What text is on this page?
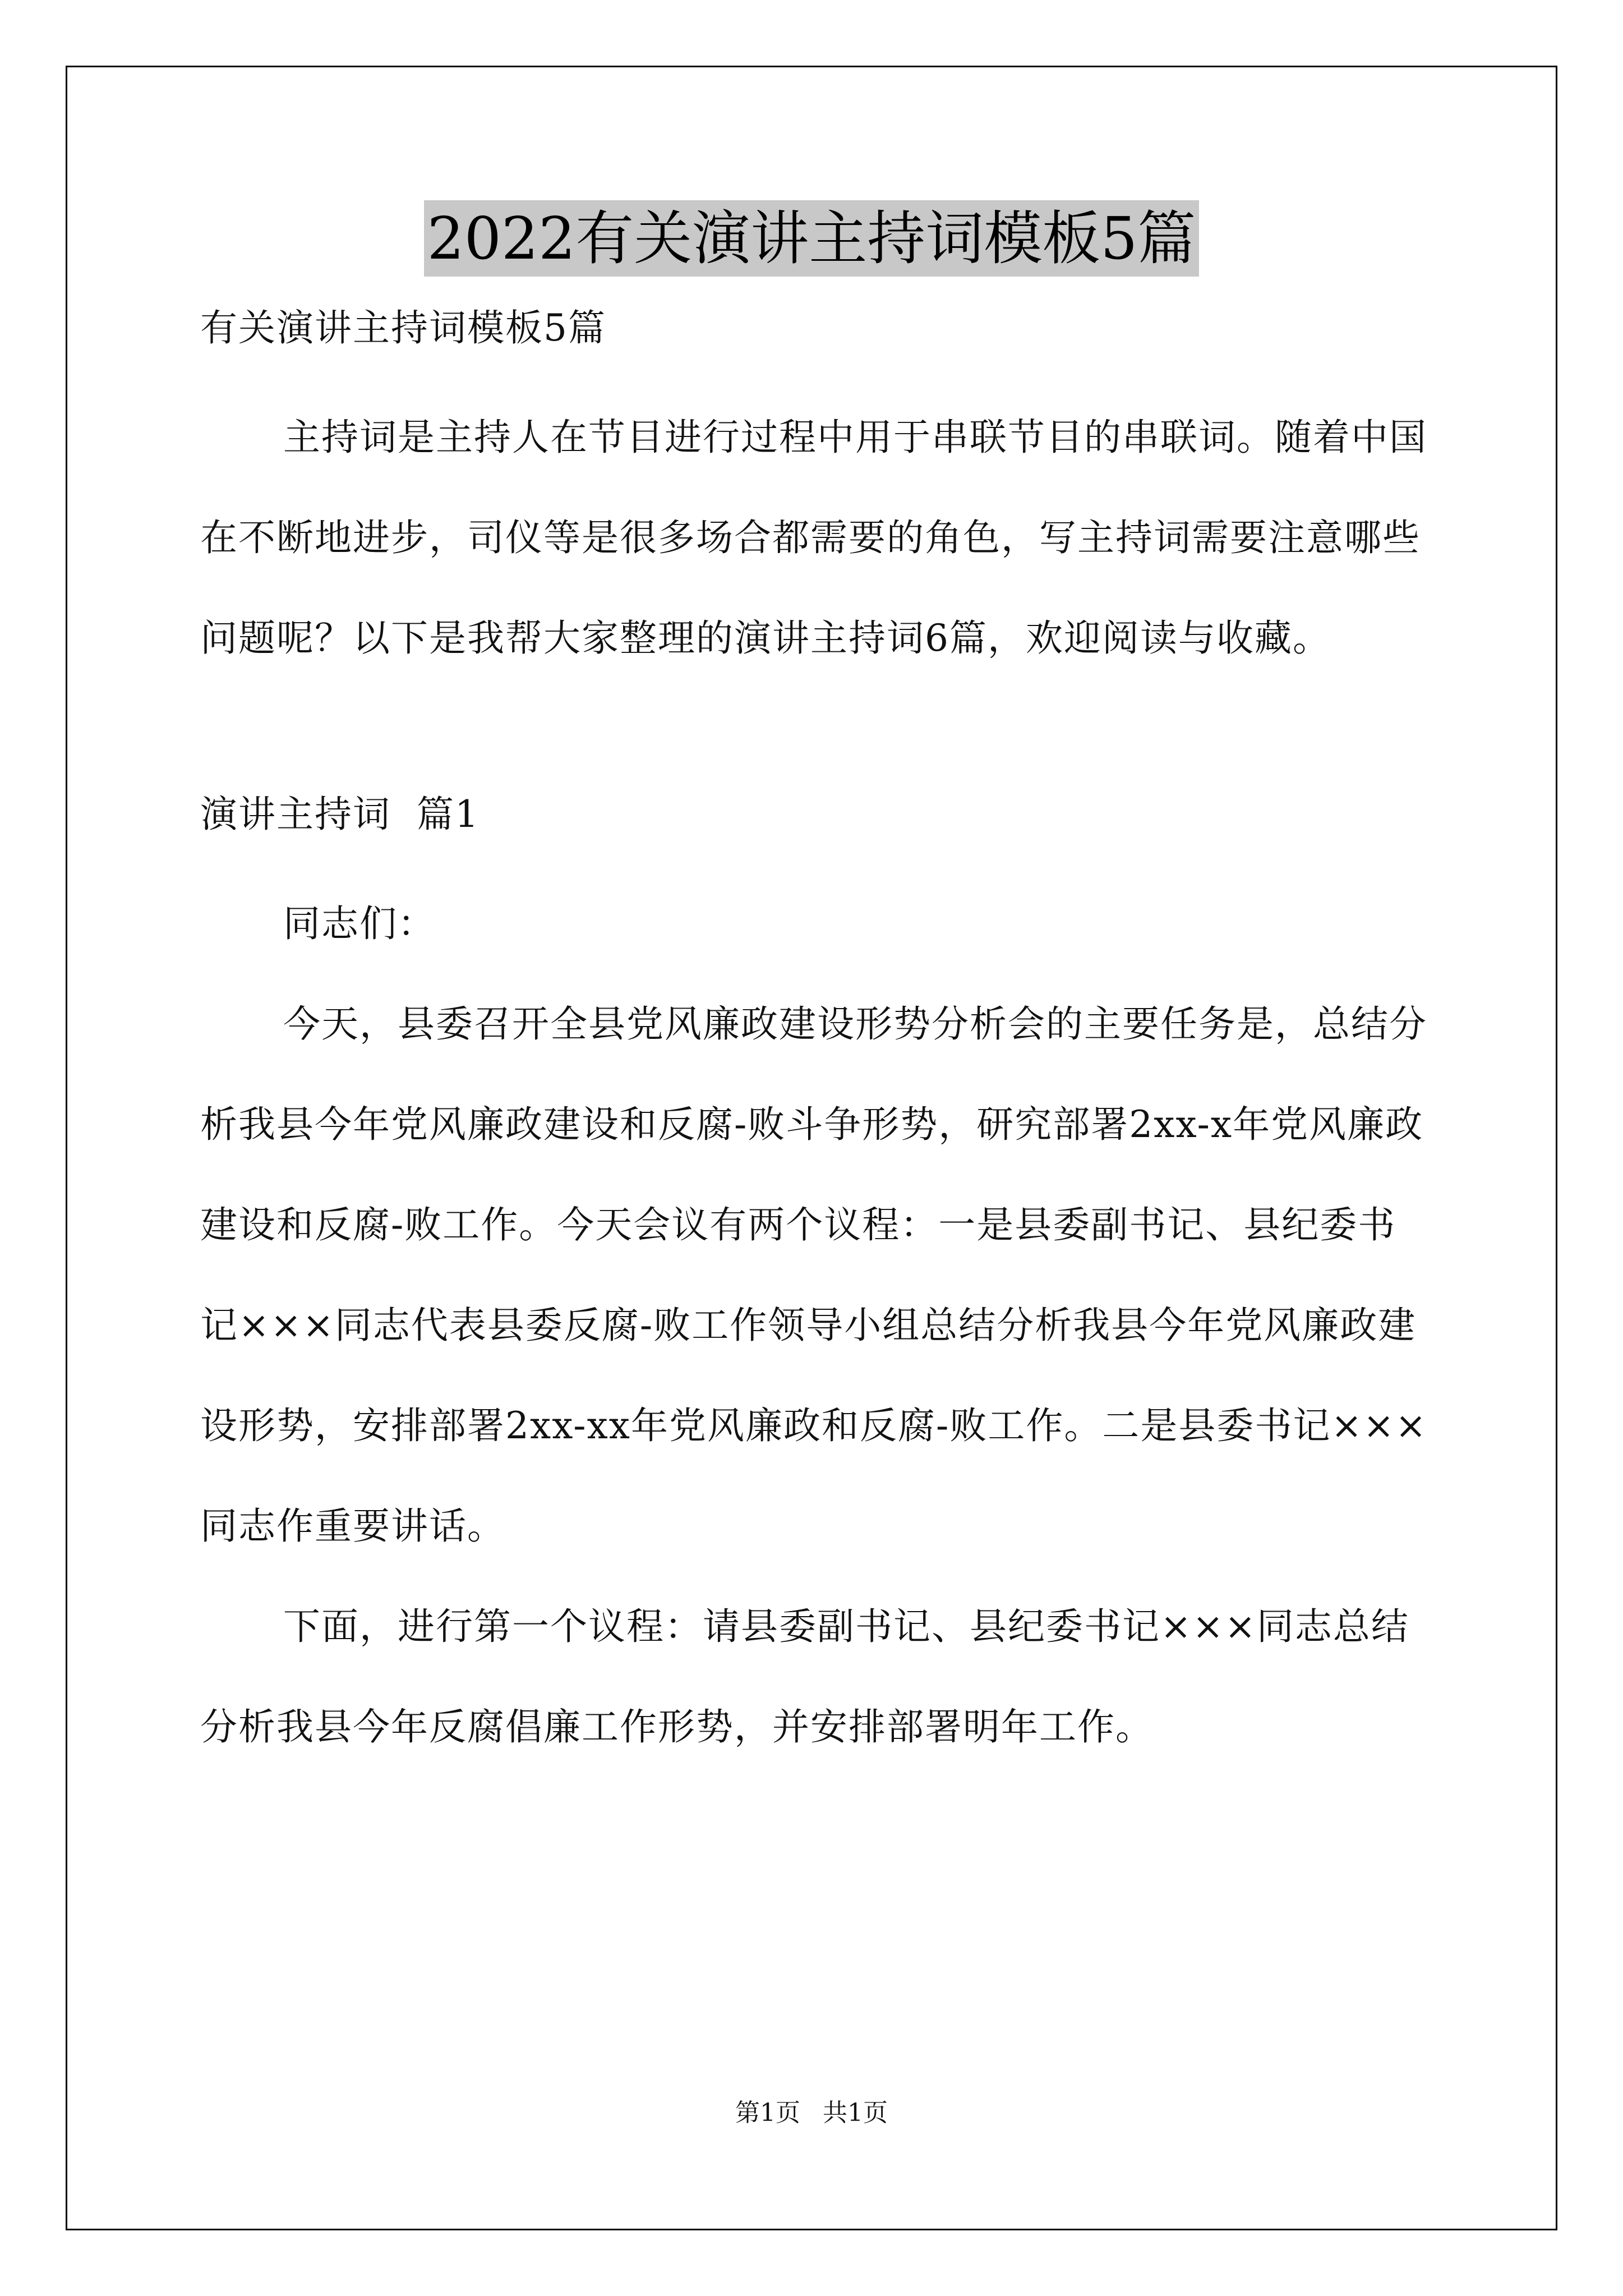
2022有关演讲主持词模板5篇
有关演讲主持词模板5篇

主持词是主持人在节目进行过程中用于串联节目的串联词。随着中国在不断地进步，司仪等是很多场合都需要的角色，写主持词需要注意哪些问题呢？以下是我帮大家整理的演讲主持词6篇，欢迎阅读与收藏。

演讲主持词  篇1

同志们：

今天，县委召开全县党风廉政建设形势分析会的主要任务是，总结分析我县今年党风廉政建设和反腐-败斗争形势，研究部署2xx-x年党风廉政建设和反腐-败工作。今天会议有两个议程：一是县委副书记、县纪委书记×××同志代表县委反腐-败工作领导小组总结分析我县今年党风廉政建设形势，安排部署2xx-xx年党风廉政和反腐-败工作。二是县委书记×××同志作重要讲话。

下面，进行第一个议程：请县委副书记、县纪委书记×××同志总结分析我县今年反腐倡廉工作形势，并安排部署明年工作。

第1页 共1页
